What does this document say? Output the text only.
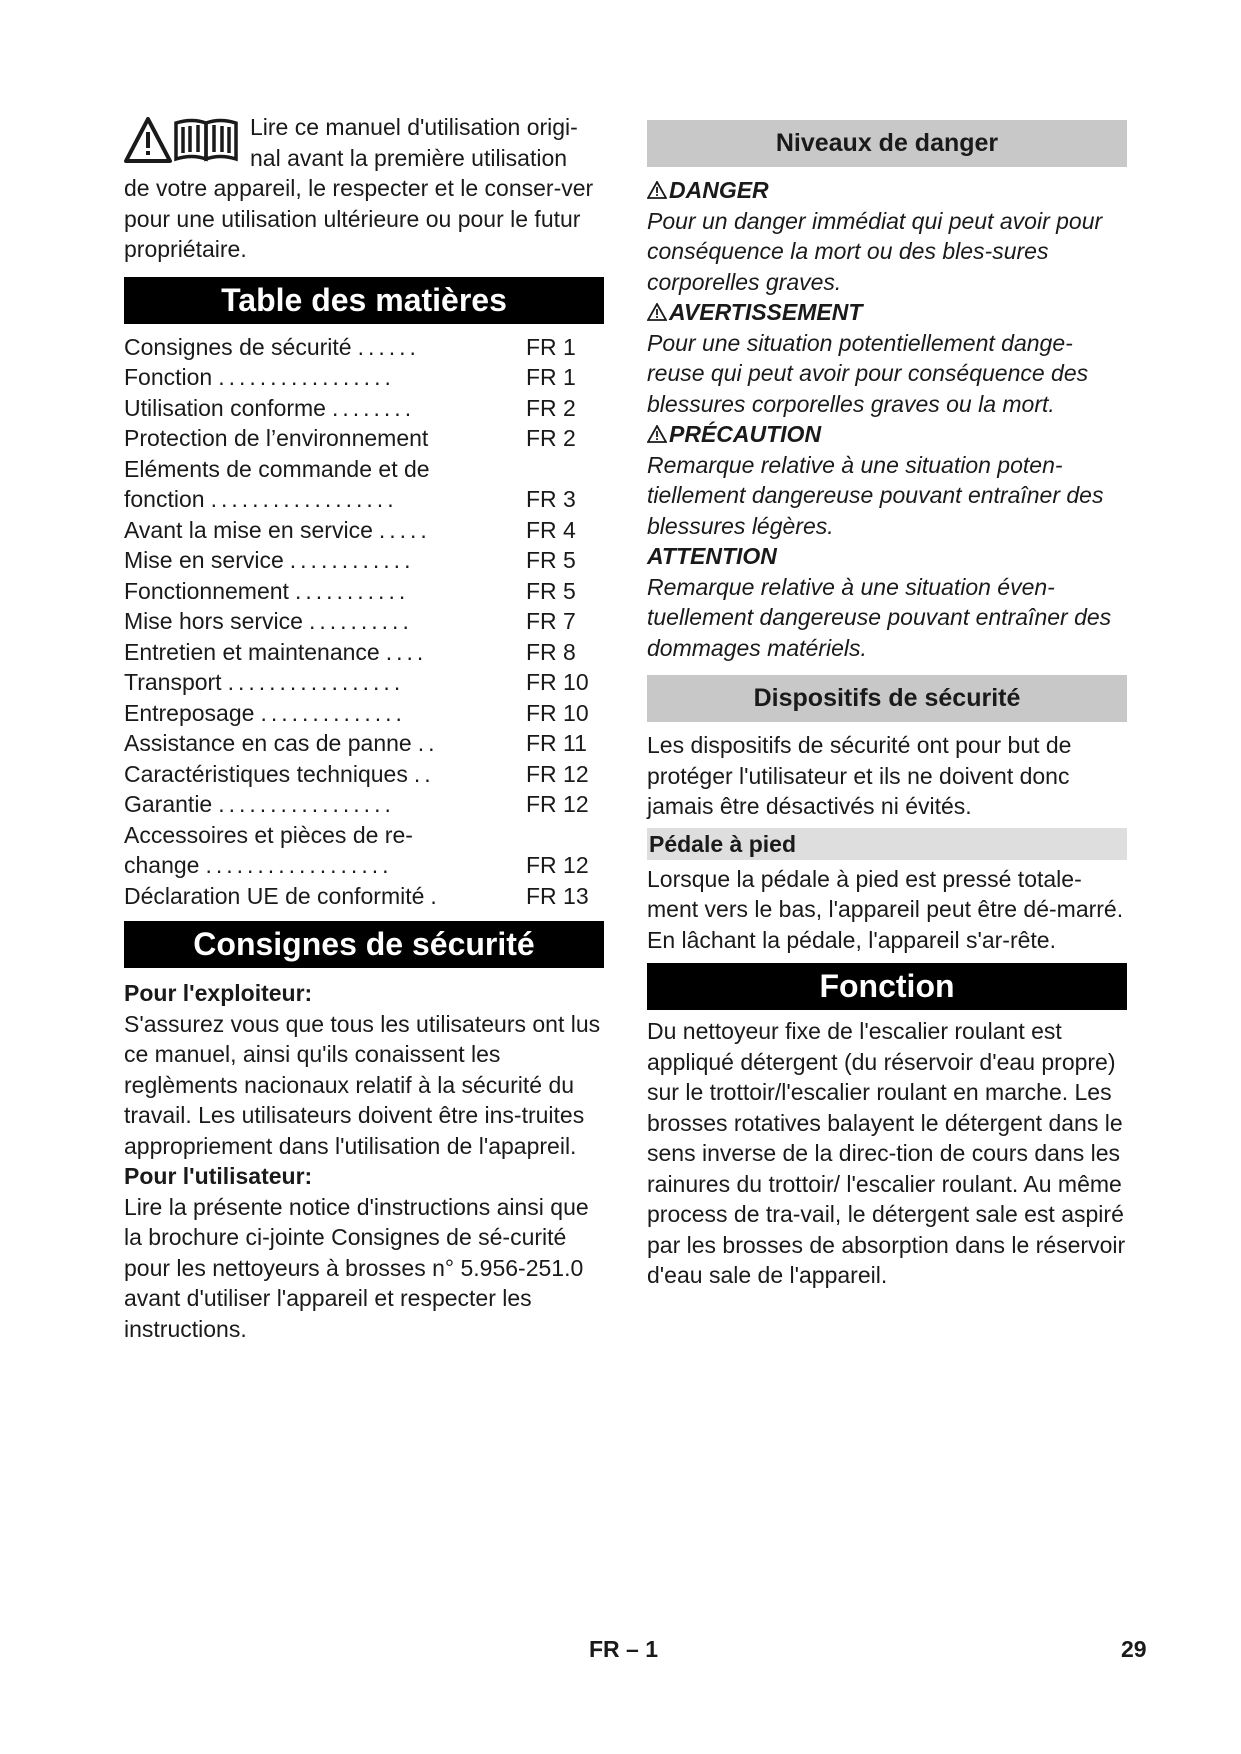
Lire ce manuel d'utilisation origi-

nal avant la première utilisation

de votre appareil, le respecter et le conser-ver pour une utilisation ultérieure ou pour le futur propriétaire.

Table des matières
Consignes de sécurité ......	FR 1
Fonction .................	FR 1
Utilisation conforme ........	FR 2
Protection de l’environnement	FR 2
Eléments de commande et de
fonction ..................	FR 3
Avant la mise en service .....	FR 4
Mise en service ............	FR 5
Fonctionnement ...........	FR 5
Mise hors service ..........	FR 7
Entretien et maintenance ....	FR 8
Transport .................	FR 10
Entreposage ..............	FR 10
Assistance en cas de panne ..	FR 11
Caractéristiques techniques ..	FR 12
Garantie .................	FR 12
Accessoires et pièces de re-
change ..................	FR 12
Déclaration UE de conformité .	FR 13
Consignes de sécurité

Pour l'exploiteur:

S'assurez vous que tous les utilisateurs ont lus ce manuel, ainsi qu'ils conaissent les reglèments nacionaux relatif à la sécurité du travail. Les utilisateurs doivent être ins-truites appropriement dans l'utilisation de l'apapreil.

Pour l'utilisateur:

Lire la présente notice d'instructions ainsi que la brochure ci-jointe Consignes de sé-curité pour les nettoyeurs à brosses n° 5.956-251.0 avant d'utiliser l'appareil et respecter les instructions.

Niveaux de danger

DANGER

Pour un danger immédiat qui peut avoir pour conséquence la mort ou des bles-sures corporelles graves.

AVERTISSEMENT

Pour une situation potentiellement dange-reuse qui peut avoir pour conséquence des blessures corporelles graves ou la mort.

PRÉCAUTION

Remarque relative à une situation poten-tiellement dangereuse pouvant entraîner des blessures légères.

ATTENTION

Remarque relative à une situation éven-tuellement dangereuse pouvant entraîner des dommages matériels.

Dispositifs de sécurité

Les dispositifs de sécurité ont pour but de protéger l'utilisateur et ils ne doivent donc jamais être désactivés ni évités.

Pédale à pied

Lorsque la pédale à pied est pressé totale-ment vers le bas, l'appareil peut être dé-marré. En lâchant la pédale, l'appareil s'ar-rête.

Fonction

Du nettoyeur fixe de l'escalier roulant est appliqué détergent (du réservoir d'eau propre) sur le trottoir/l'escalier roulant en marche. Les brosses rotatives balayent le détergent dans le sens inverse de la direc-tion de cours dans les rainures du trottoir/ l'escalier roulant. Au même process de tra-vail, le détergent sale est aspiré par les brosses de absorption dans le réservoir d'eau sale de l'appareil.

FR – 1	29
